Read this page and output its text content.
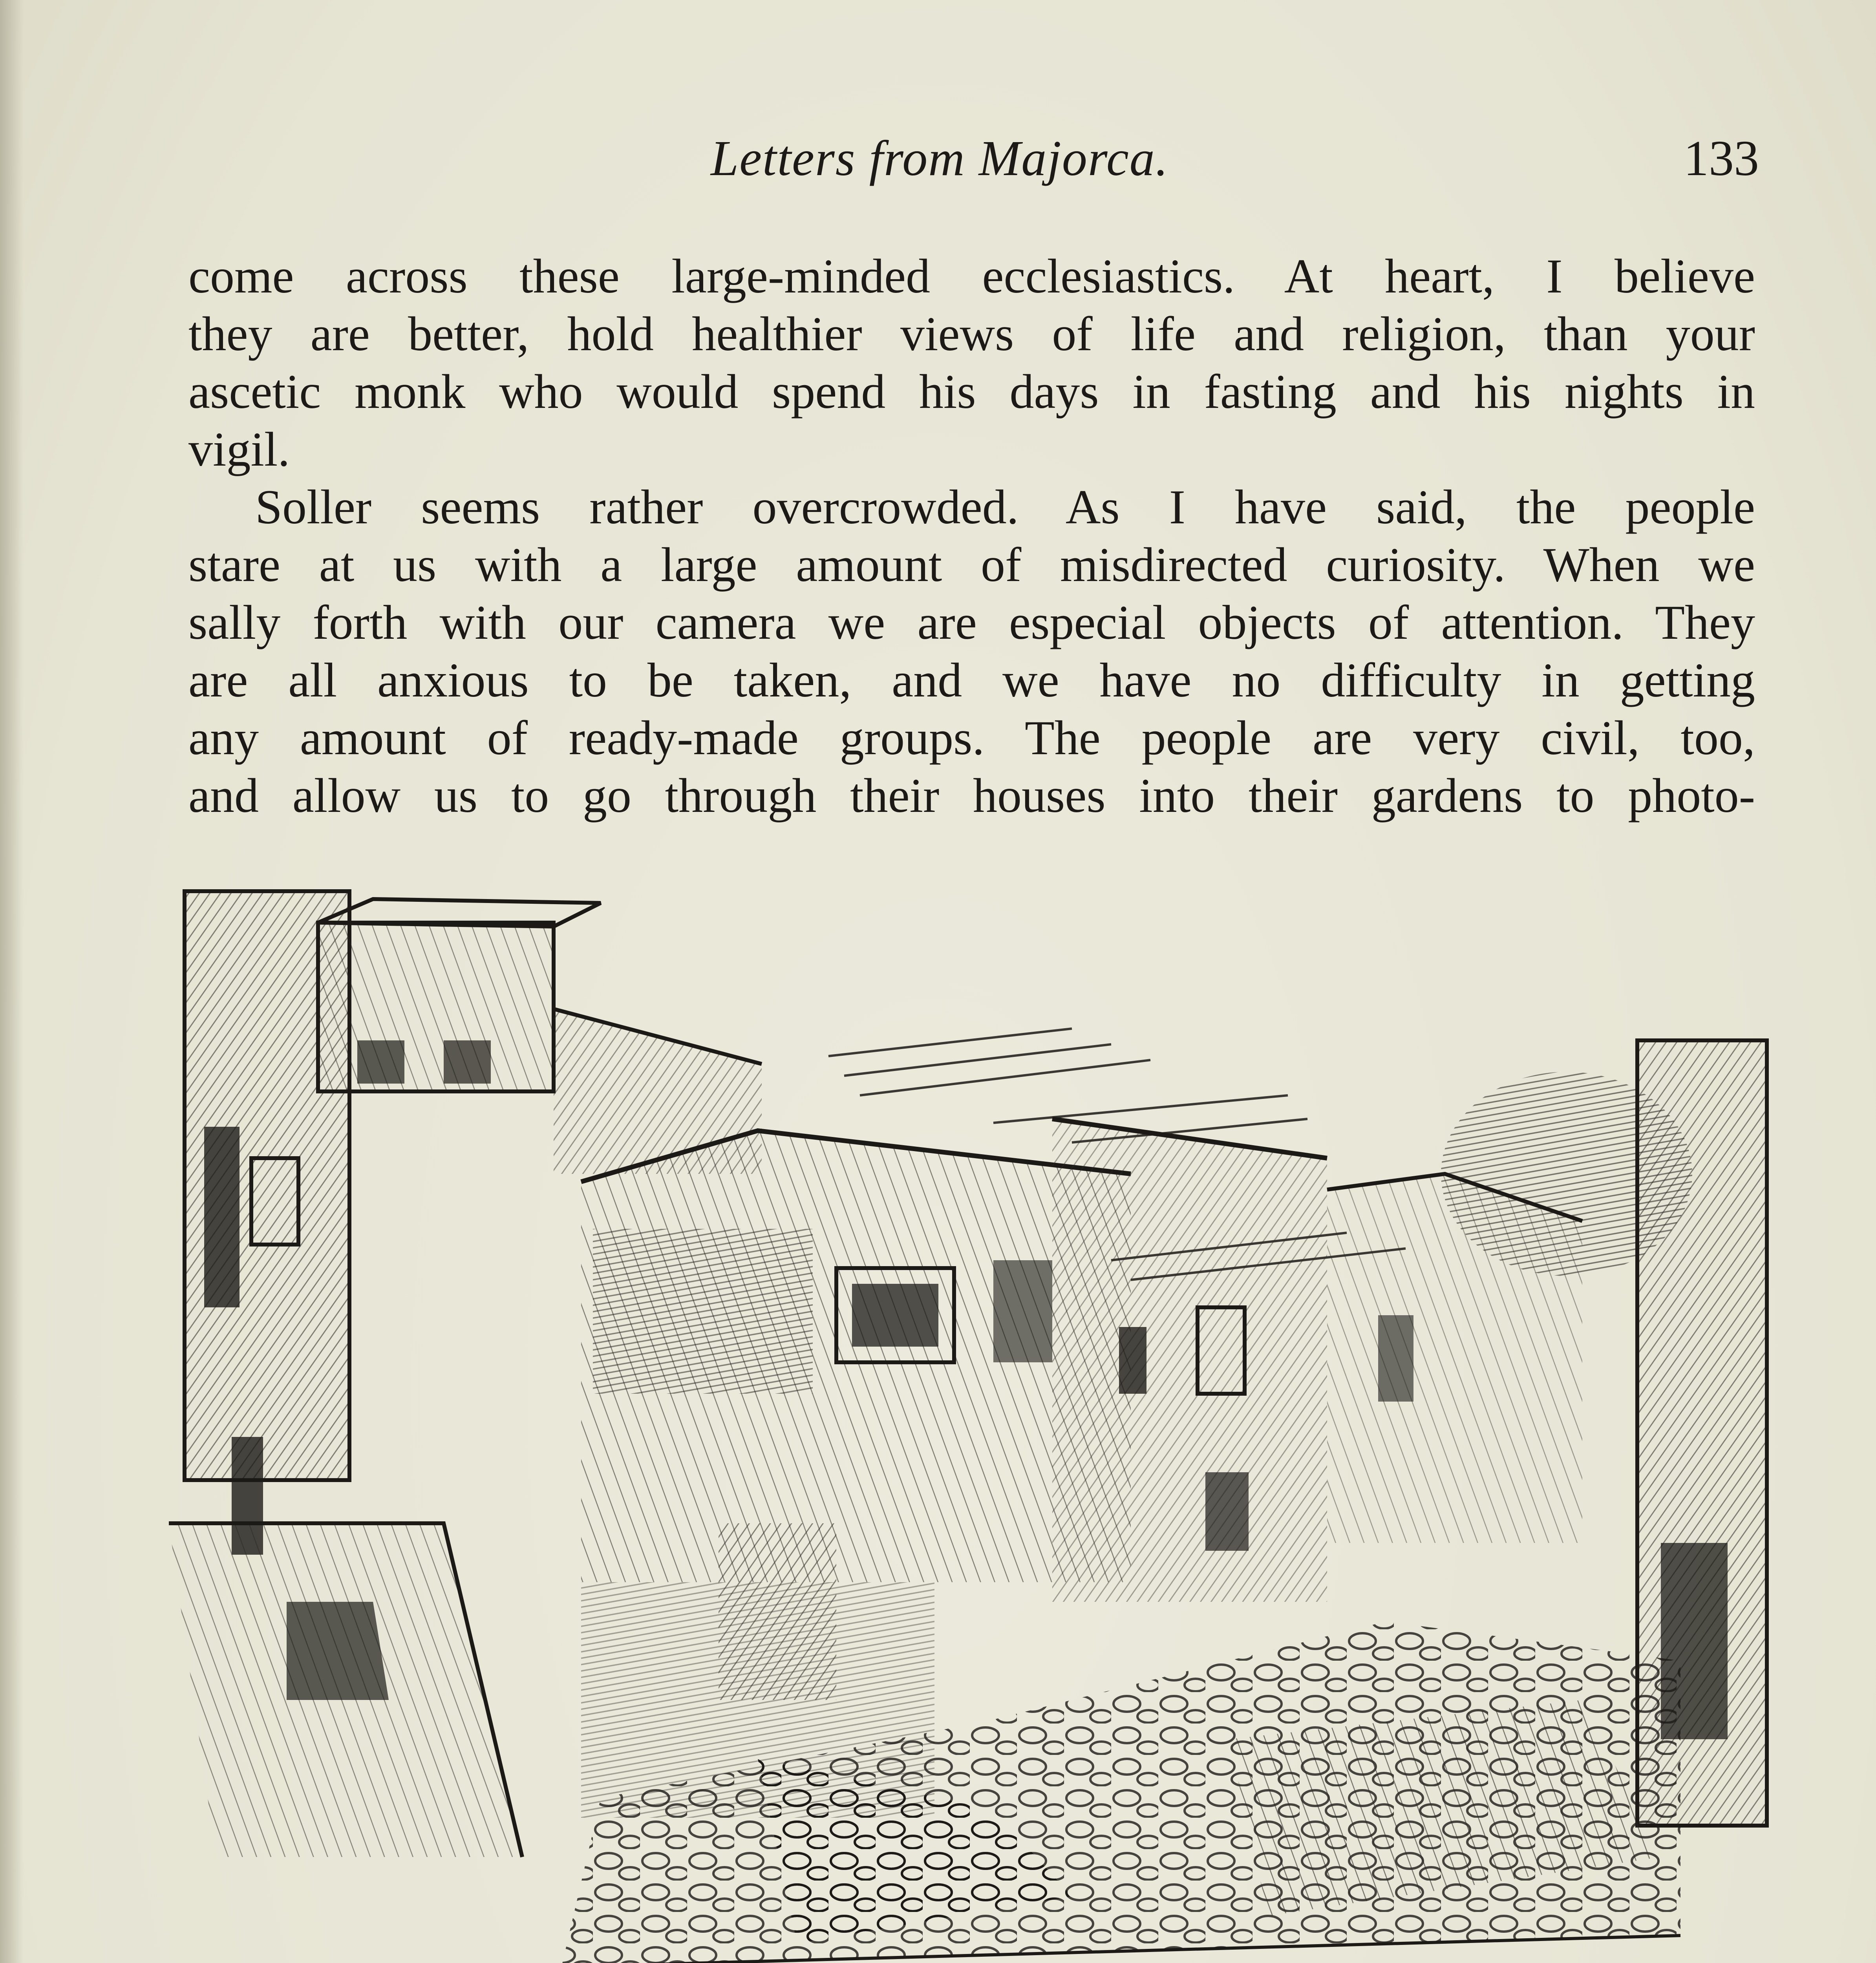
Letters from Majorca.	133
come across these large-minded ecclesiastics. At heart, I believe
they are better, hold healthier views of life and religion, than your
ascetic monk who would spend his days in fasting and his nights in
vigil.
Soller seems rather overcrowded. As I have said, the people
stare at us with a large amount of misdirected curiosity. When we
sally forth with our camera we are especial objects of attention. They
are all anxious to be taken, and we have no difficulty in getting
any amount of ready-made groups. The people are very civil, too,
and allow us to go through their houses into their gardens to photo-
